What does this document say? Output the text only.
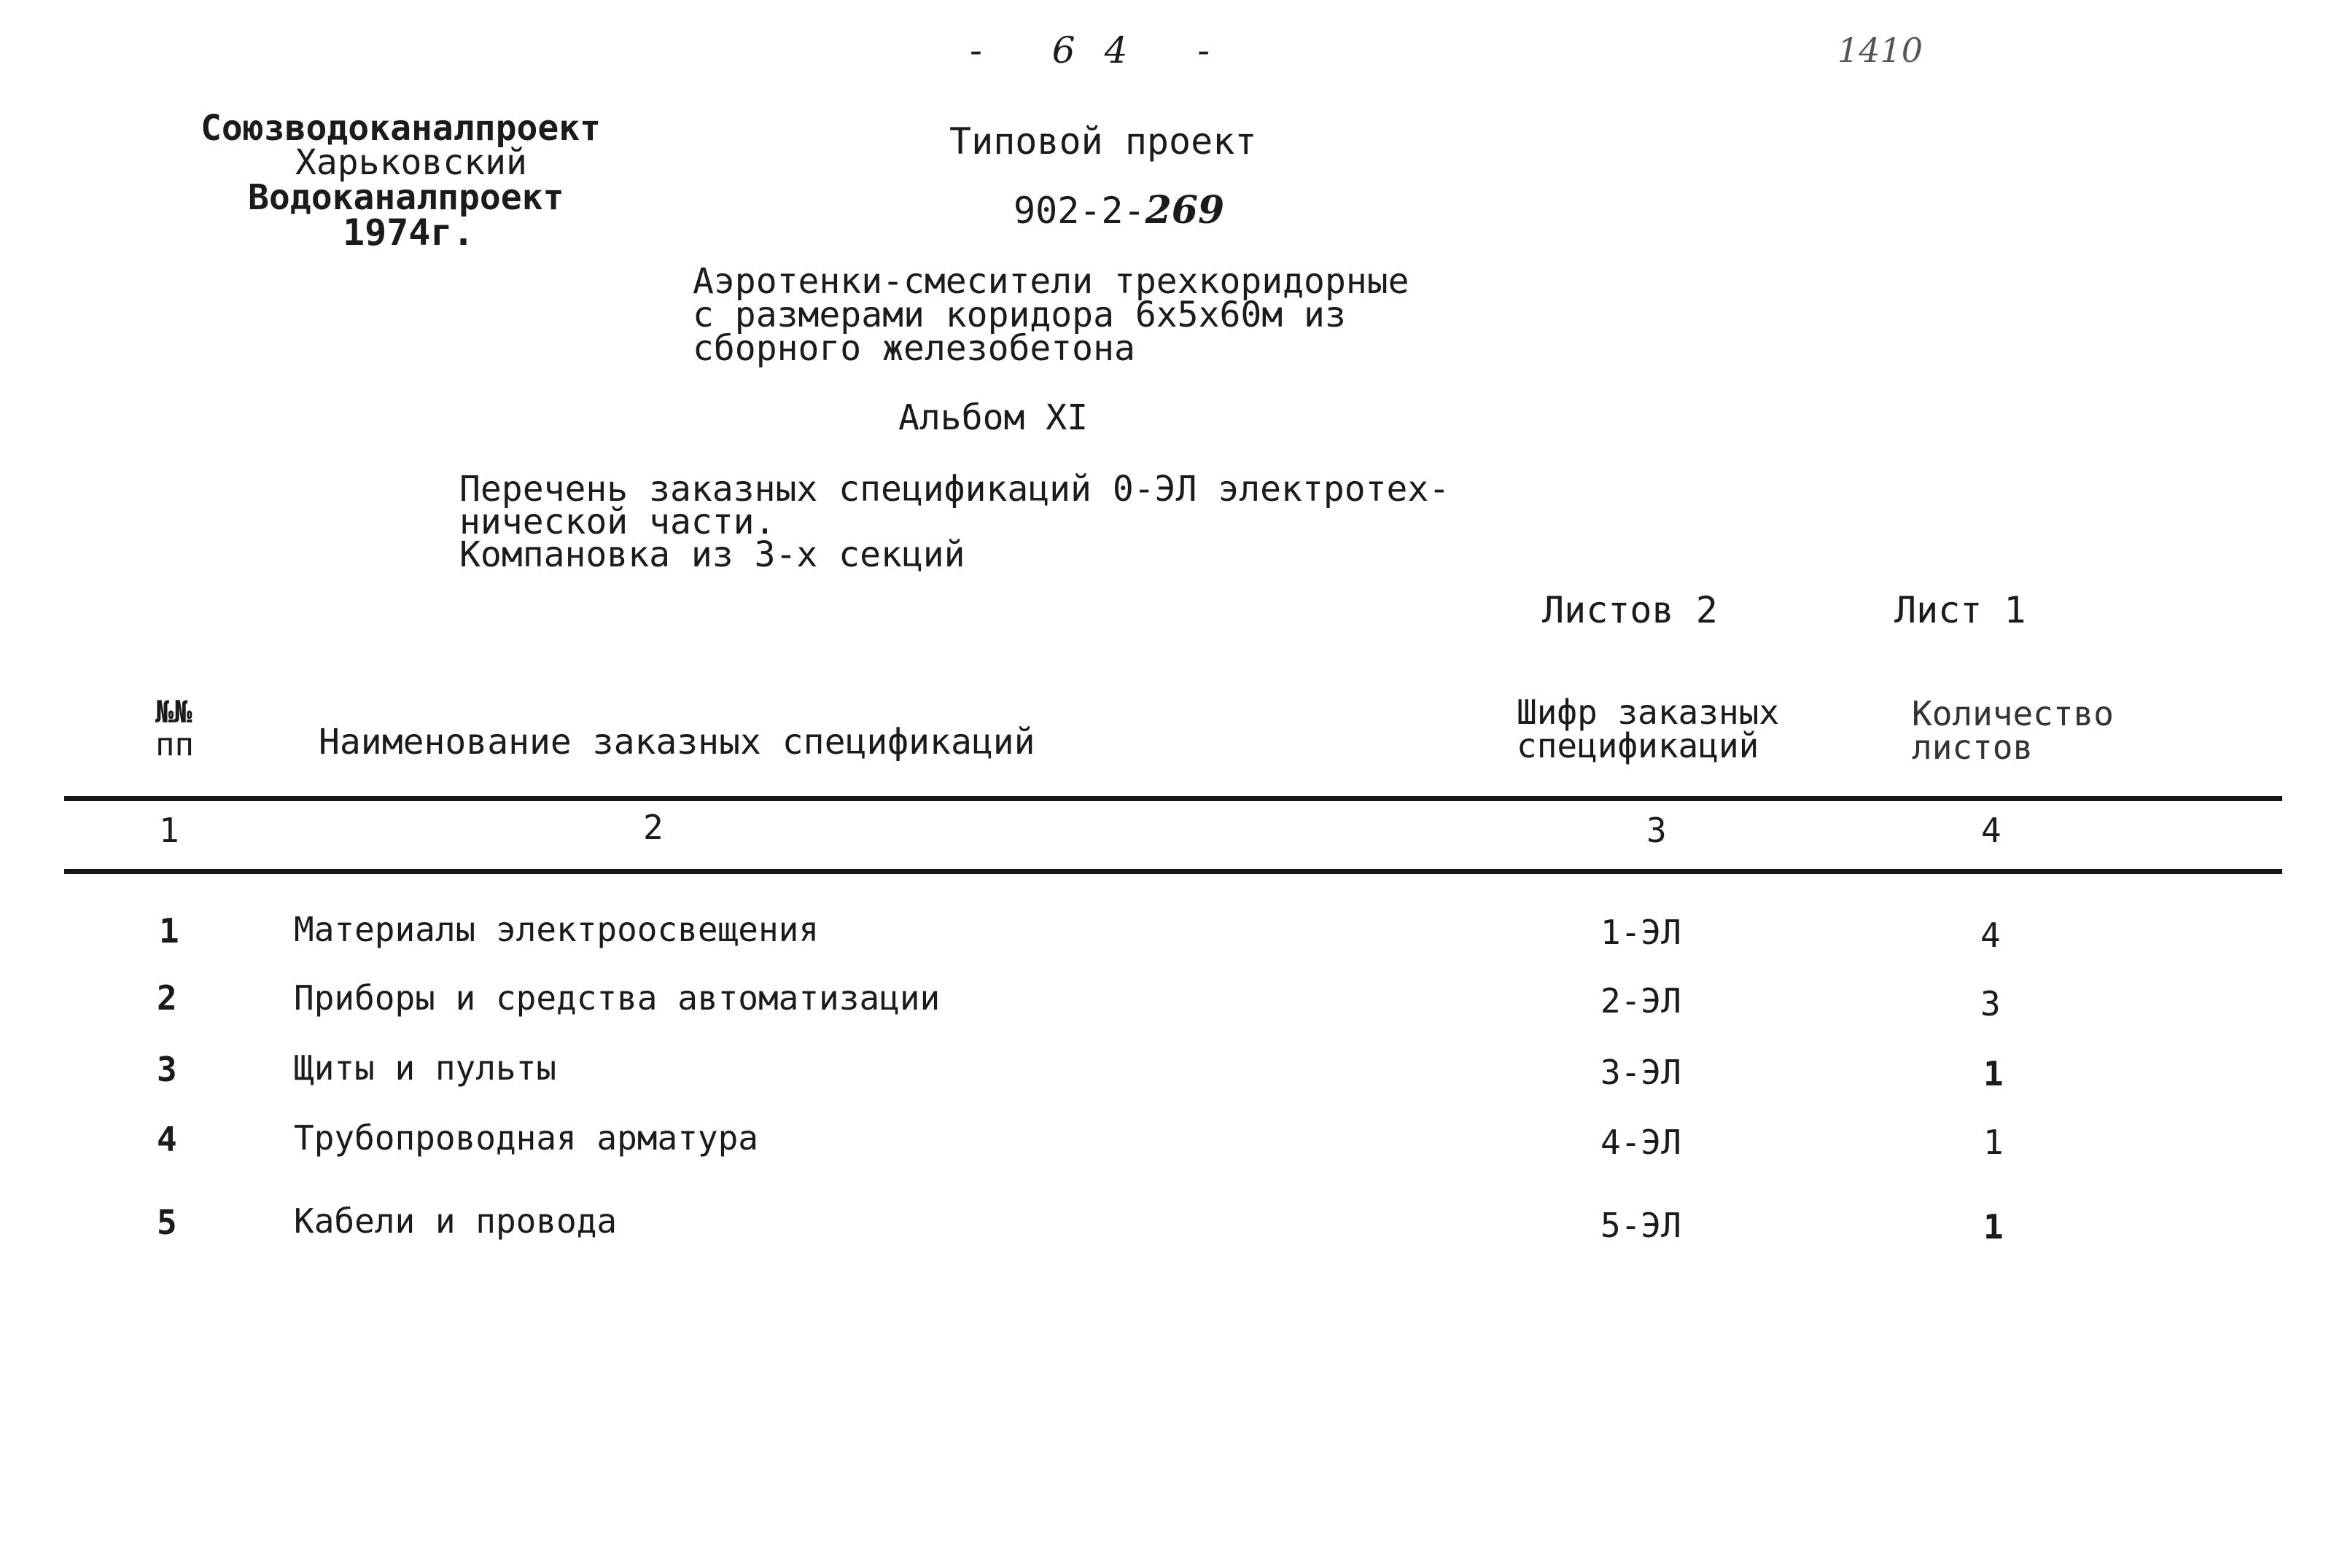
- 64 -	1410
Союзводоканалпроект
Харьковский
Водоканалпроект
1974г.
Типовой проект
902-2-269
Аэротенки-смесители трехкоридорные
с размерами коридора 6х5х60м из
сборного железобетона
Альбом XI
Перечень заказных спецификаций 0-ЭЛ электротех-
нической части.
Компановка из 3-х секций
Листов 2	Лист 1
№№
пп	Наименование заказных спецификаций
Шифр заказных
спецификаций
Количество
листов
1	2	3	4
1	Материалы электроосвещения	1-ЭЛ	4
2	Приборы и средства автоматизации	2-ЭЛ	3
3	Щиты и пульты	3-ЭЛ	1
4	Трубопроводная арматура	4-ЭЛ	1
5	Кабели и провода	5-ЭЛ	1
